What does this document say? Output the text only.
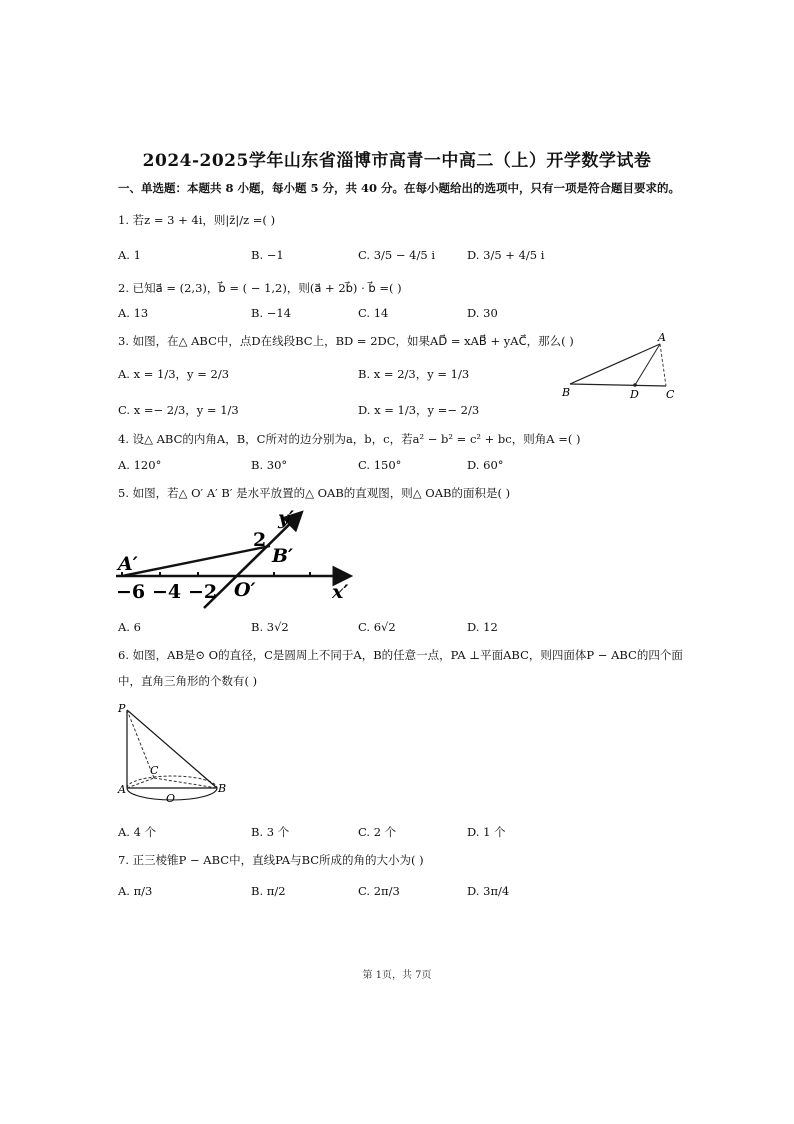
2024-2025学年山东省淄博市高青一中高二（上）开学数学试卷
一、单选题：本题共 8 小题，每小题 5 分，共 40 分。在每小题给出的选项中，只有一项是符合题目要求的。
1. 若z = 3 + 4i，则|z̄|/z =( )
A. 1	B. −1	C. 3/5 − 4/5 i	D. 3/5 + 4/5 i
2. 已知a⃗ = (2,3)，b⃗ = ( − 1,2)，则(a⃗ + 2b⃗) · b⃗ =( )
A. 13	B. −14	C. 14	D. 30
3. 如图，在△ ABC中，点D在线段BC上，BD = 2DC，如果AD⃗ = xAB⃗ + yAC⃗，那么( )
A. x = 1/3，y = 2/3	B. x = 2/3，y = 1/3
C. x =− 2/3，y = 1/3	D. x = 1/3，y =− 2/3
A
B	C
D
4. 设△ ABC的内角A，B，C所对的边分别为a，b，c，若a² − b² = c² + bc，则角A =( )
A. 120°	B. 30°	C. 150°	D. 60°
5. 如图，若△ O′ A′ B′ 是水平放置的△ OAB的直观图，则△ OAB的面积是( )
y′
x′
A′	B′
O′
2
−6 −4 −2
A. 6	B. 3√2	C. 6√2	D. 12
6. 如图，AB是⊙ O的直径，C是圆周上不同于A，B的任意一点，PA ⊥平面ABC，则四面体P − ABC的四个面
中，直角三角形的个数有( )
P
A	B
C
O
A. 4 个	B. 3 个	C. 2 个	D. 1 个
7. 正三棱锥P − ABC中，直线PA与BC所成的角的大小为( )
A. π/3	B. π/2	C. 2π/3	D. 3π/4
第 1页，共 7页
